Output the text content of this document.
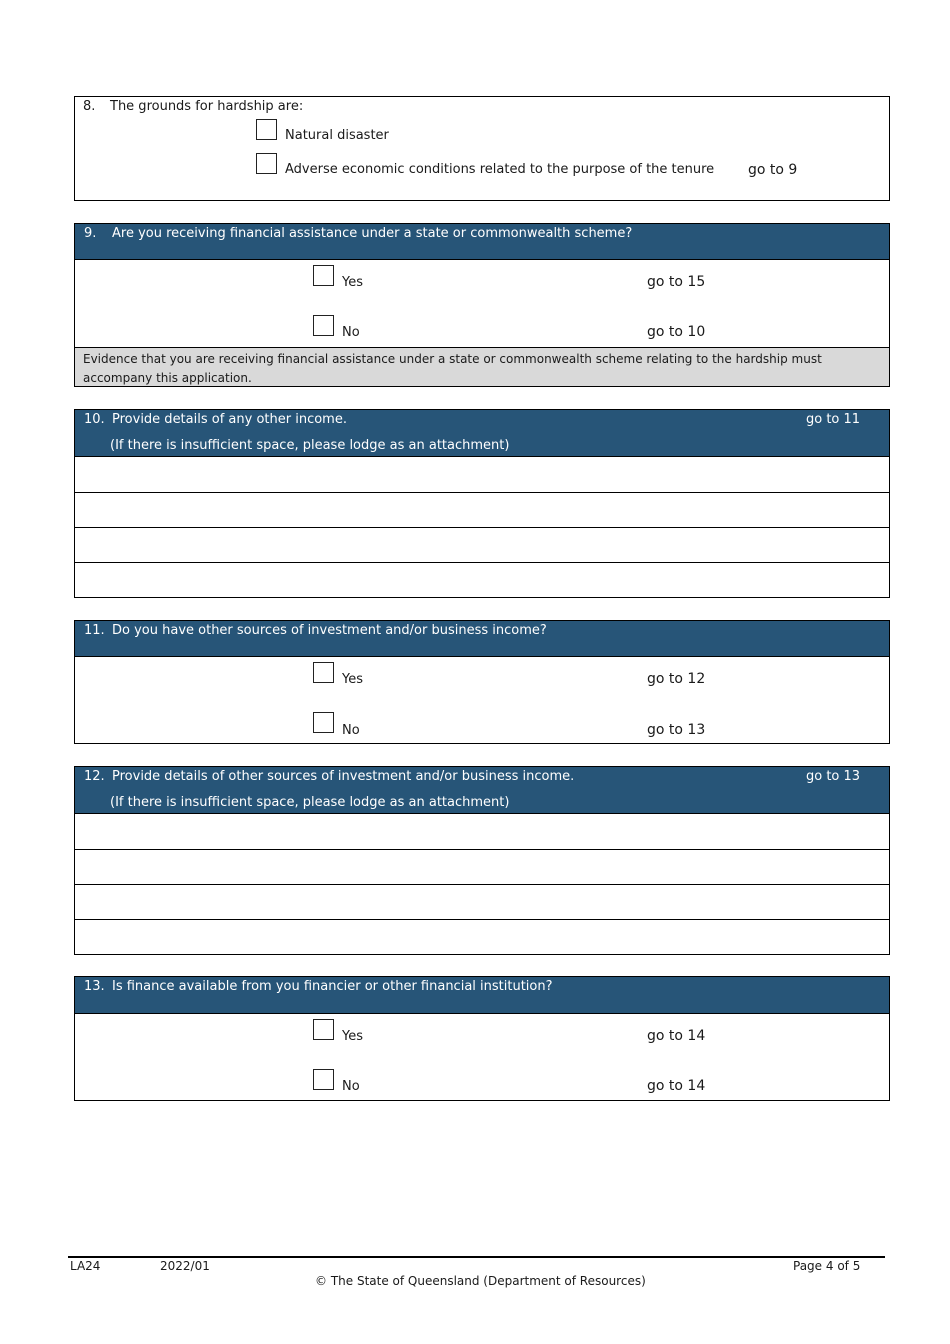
8. The grounds for hardship are:
Natural disaster
Adverse economic conditions related to the purpose of the tenure go to 9
9. Are you receiving financial assistance under a state or commonwealth scheme?
Yes	go to 15
No	go to 10
Evidence that you are receiving financial assistance under a state or commonwealth scheme relating to the hardship must accompany this application.
10. Provide details of any other income.	go to 11
(If there is insufficient space, please lodge as an attachment)
11. Do you have other sources of investment and/or business income?
Yes	go to 12
No	go to 13
12. Provide details of other sources of investment and/or business income.	go to 13
(If there is insufficient space, please lodge as an attachment)
13. Is finance available from you financier or other financial institution?
Yes	go to 14
No	go to 14
LA24	2022/01	Page 4 of 5
© The State of Queensland (Department of Resources)
